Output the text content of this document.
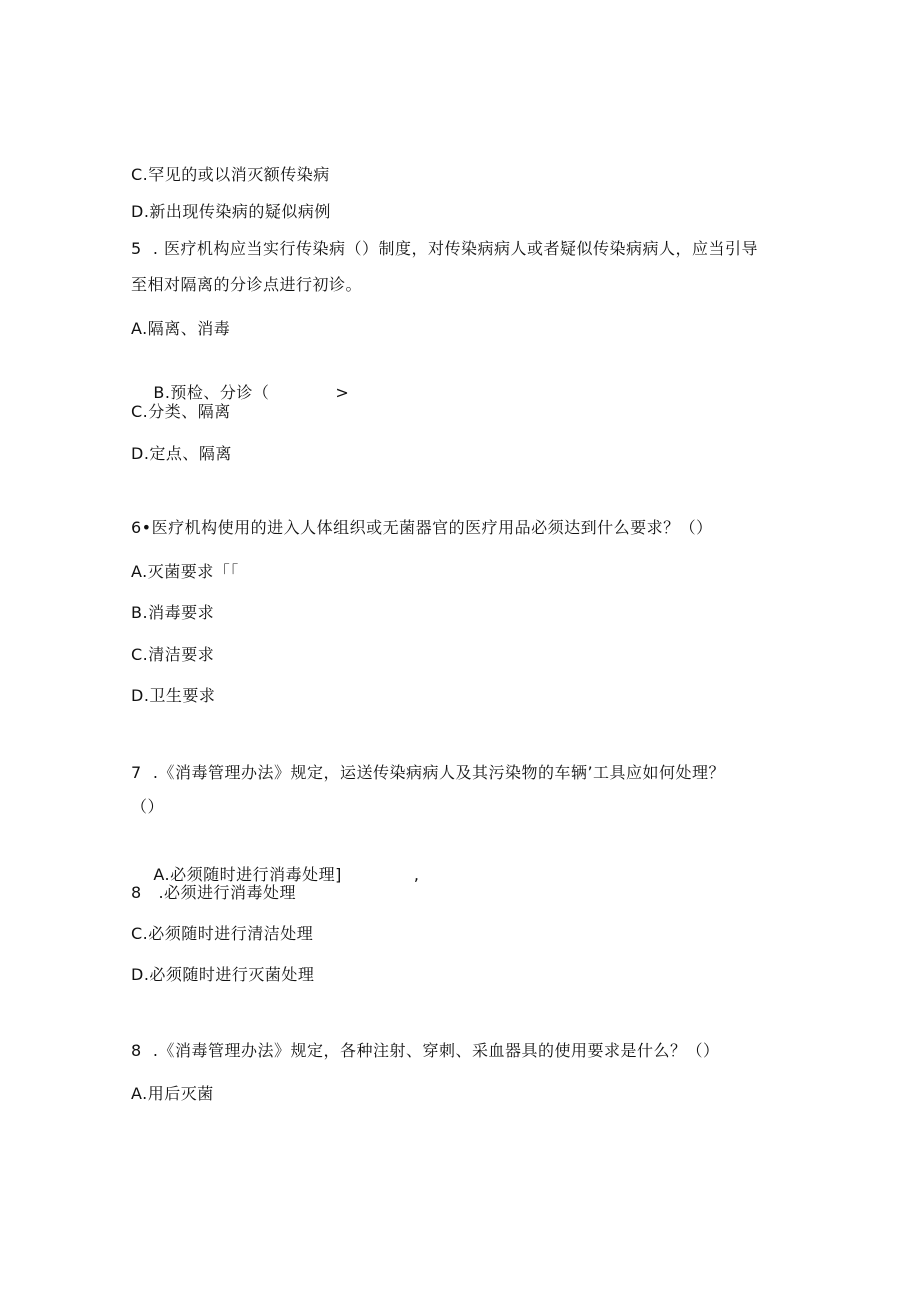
C.罕见的或以消灭额传染病
D.新出现传染病的疑似病例
5  . 医疗机构应当实行传染病（）制度，对传染病病人或者疑似传染病病人，应当引导
至相对隔离的分诊点进行初诊。
A.隔离、消毒

B.预检、分诊（	>

C.分类、隔离
D.定点、隔离
6•医疗机构使用的进入人体组织或无菌器官的医疗用品必须达到什么要求？（）
A.灭菌要求「「
B.消毒要求
C.清洁要求
D.卫生要求
7  .《消毒管理办法》规定，运送传染病病人及其污染物的车辆’工具应如何处理？
（）

A.必须随时进行消毒处理]	,

8   .必须进行消毒处理
C.必须随时进行清洁处理
D.必须随时进行灭菌处理
8  .《消毒管理办法》规定，各种注射、穿刺、采血器具的使用要求是什么？（）
A.用后灭菌
